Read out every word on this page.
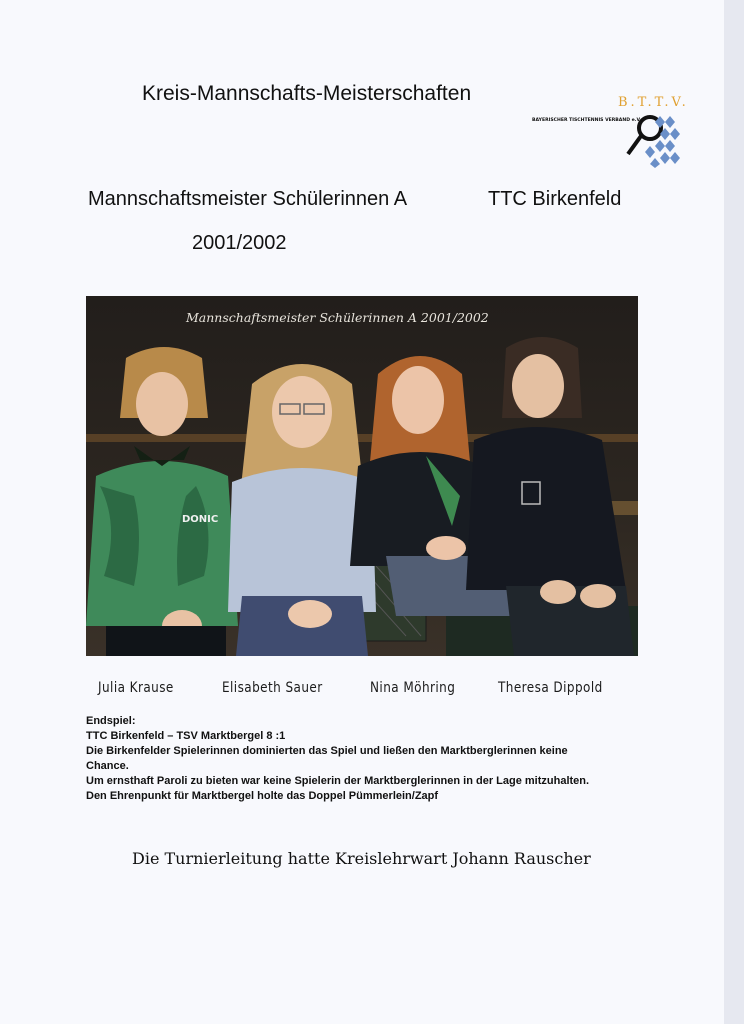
Kreis-Mannschafts-Meisterschaften	B.T.T.V.
BAYERISCHER TISCHTENNIS VERBAND e.V.
Mannschaftsmeister Schülerinnen A	TTC Birkenfeld
2001/2002
DONIC
Mannschaftsmeister Schülerinnen A 2001/2002
Julia Krause	Elisabeth Sauer	Nina Möhring	Theresa Dippold
Endspiel:
TTC Birkenfeld – TSV Marktbergel 8 :1
Die Birkenfelder Spielerinnen dominierten das Spiel und ließen den Marktberglerinnen keine
Chance.
Um ernsthaft Paroli zu bieten war keine Spielerin der Marktberglerinnen in der Lage mitzuhalten.
Den Ehrenpunkt für Marktbergel holte das Doppel Pümmerlein/Zapf
Die Turnierleitung hatte Kreislehrwart Johann Rauscher
